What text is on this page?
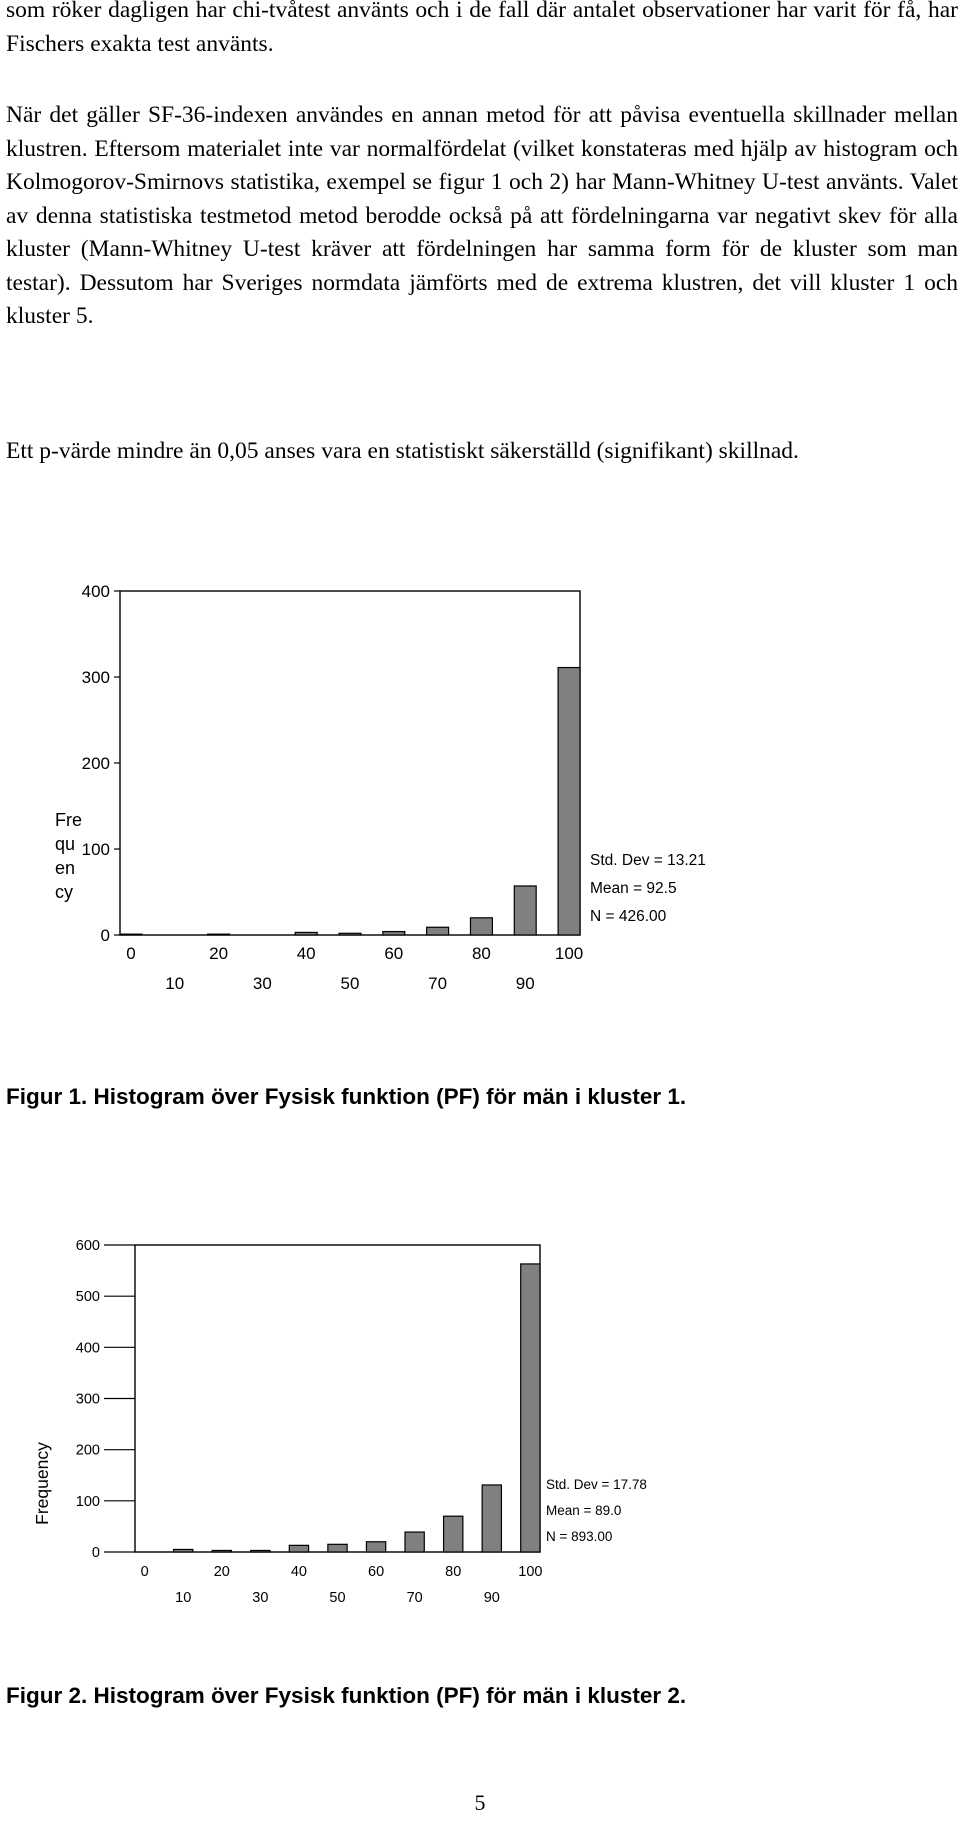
som röker dagligen har chi-tvåtest använts och i de fall där antalet observationer har varit för få, har Fischers exakta test använts.

När det gäller SF-36-indexen användes en annan metod för att påvisa eventuella skillnader mellan klustren. Eftersom materialet inte var normalfördelat (vilket konstateras med hjälp av histogram och Kolmogorov-Smirnovs statistika, exempel se figur 1 och 2) har Mann-Whitney U-test använts. Valet av denna statistiska testmetod metod berodde också på att fördelningarna var negativt skev för alla kluster (Mann-Whitney U-test kräver att fördelningen har samma form för de kluster som man testar). Dessutom har Sveriges normdata jämförts med de extrema klustren, det vill kluster 1 och kluster 5.

Ett p-värde mindre än 0,05 anses vara en statistiskt säkerställd (signifikant) skillnad.

0
100
200
300
400
0	20	40	60	80	100
10	30	50	70	90
Fre
qu
en
cy
Std. Dev = 13.21
Mean = 92.5
N = 426.00

Figur 1. Histogram över Fysisk funktion (PF) för män i kluster 1.

0
100
200
300
400
500
600
0	20	40	60	80	100
10	30	50	70	90
Frequency	Std. Dev = 17.78
Mean = 89.0
N = 893.00

Figur 2. Histogram över Fysisk funktion (PF) för män i kluster 2.

5
